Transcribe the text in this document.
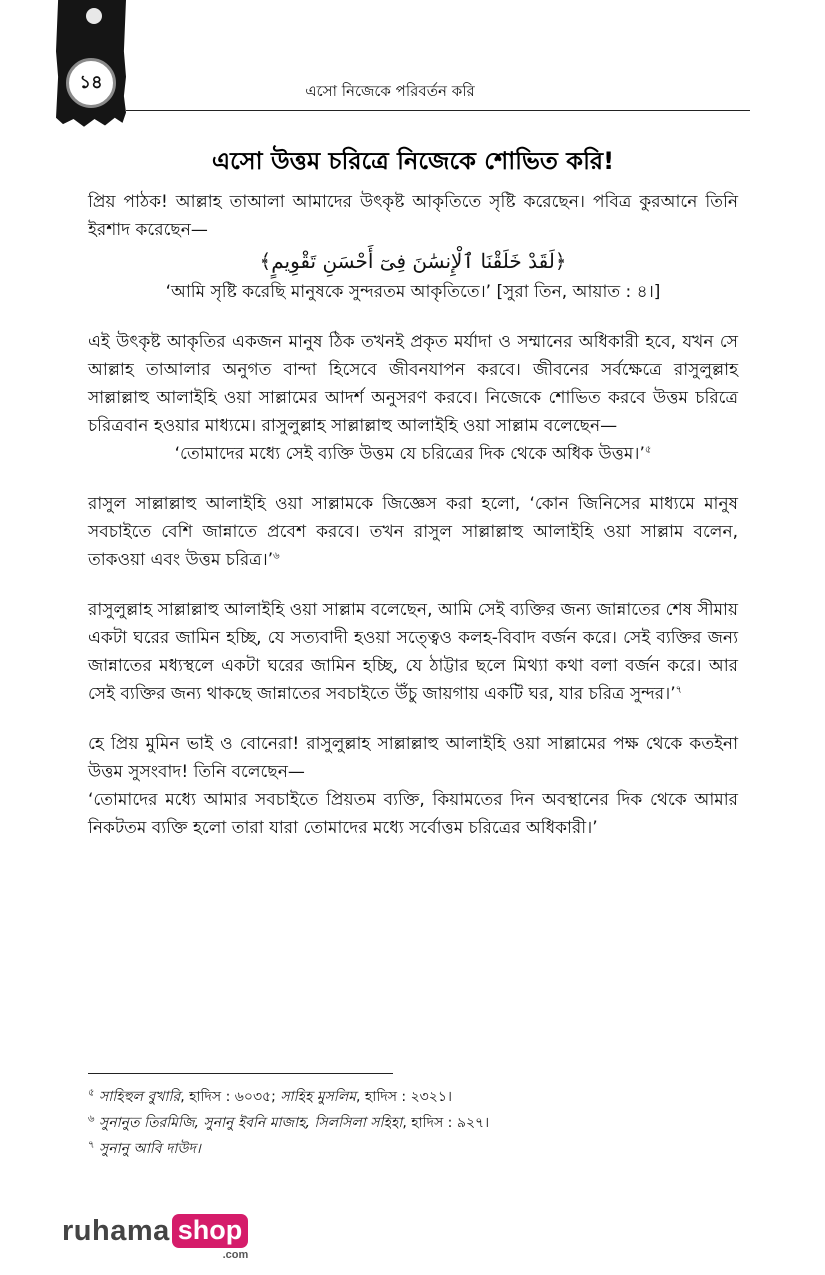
১৪	এসো নিজেকে পরিবর্তন করি
এসো উত্তম চরিত্রে নিজেকে শোভিত করি!

প্রিয় পাঠক! আল্লাহ তাআলা আমাদের উৎকৃষ্ট আকৃতিতে সৃষ্টি করেছেন। পবিত্র কুরআনে তিনি ইরশাদ করেছেন—

﴿لَقَدْ خَلَقْنَا ٱلْإِنسَٰنَ فِىٓ أَحْسَنِ تَقْوِيمٍ﴾

‘আমি সৃষ্টি করেছি মানুষকে সুন্দরতম আকৃতিতে।’ [সুরা তিন, আয়াত : ৪।]

এই উৎকৃষ্ট আকৃতির একজন মানুষ ঠিক তখনই প্রকৃত মর্যাদা ও সম্মানের অধিকারী হবে, যখন সে আল্লাহ তাআলার অনুগত বান্দা হিসেবে জীবনযাপন করবে। জীবনের সর্বক্ষেত্রে রাসুলুল্লাহ সাল্লাল্লাহু আলাইহি ওয়া সাল্লামের আদর্শ অনুসরণ করবে। নিজেকে শোভিত করবে উত্তম চরিত্রে চরিত্রবান হওয়ার মাধ্যমে। রাসুলুল্লাহ সাল্লাল্লাহু আলাইহি ওয়া সাল্লাম বলেছেন—

‘তোমাদের মধ্যে সেই ব্যক্তি উত্তম যে চরিত্রের দিক থেকে অধিক উত্তম।’$^৫$

রাসুল সাল্লাল্লাহু আলাইহি ওয়া সাল্লামকে জিজ্ঞেস করা হলো, ‘কোন জিনিসের মাধ্যমে মানুষ সবচাইতে বেশি জান্নাতে প্রবেশ করবে। তখন রাসুল সাল্লাল্লাহু আলাইহি ওয়া সাল্লাম বলেন, তাকওয়া এবং উত্তম চরিত্র।’$^৬$

রাসুলুল্লাহ সাল্লাল্লাহু আলাইহি ওয়া সাল্লাম বলেছেন, আমি সেই ব্যক্তির জন্য জান্নাতের শেষ সীমায় একটা ঘরের জামিন হচ্ছি, যে সত্যবাদী হওয়া সত্ত্বেও কলহ-বিবাদ বর্জন করে। সেই ব্যক্তির জন্য জান্নাতের মধ্যস্থলে একটা ঘরের জামিন হচ্ছি, যে ঠাট্টার ছলে মিথ্যা কথা বলা বর্জন করে। আর সেই ব্যক্তির জন্য থাকছে জান্নাতের সবচাইতে উঁচু জায়গায় একটি ঘর, যার চরিত্র সুন্দর।’$^৭$

হে প্রিয় মুমিন ভাই ও বোনেরা! রাসুলুল্লাহ সাল্লাল্লাহু আলাইহি ওয়া সাল্লামের পক্ষ থেকে কতইনা উত্তম সুসংবাদ! তিনি বলেছেন—

‘তোমাদের মধ্যে আমার সবচাইতে প্রিয়তম ব্যক্তি, কিয়ামতের দিন অবস্থানের দিক থেকে আমার নিকটতম ব্যক্তি হলো তারা যারা তোমাদের মধ্যে সর্বোত্তম চরিত্রের অধিকারী।’

$^৫$ সাহিহুল বুখারি, হাদিস : ৬০৩৫; সাহিহ মুসলিম, হাদিস : ২৩২১।

$^৬$ সুনানুত তিরমিজি, সুনানু ইবনি মাজাহ, সিলসিলা সহিহা, হাদিস : ৯২৭।

$^৭$ সুনানু আবি দাউদ।

ruhama shop
.com
